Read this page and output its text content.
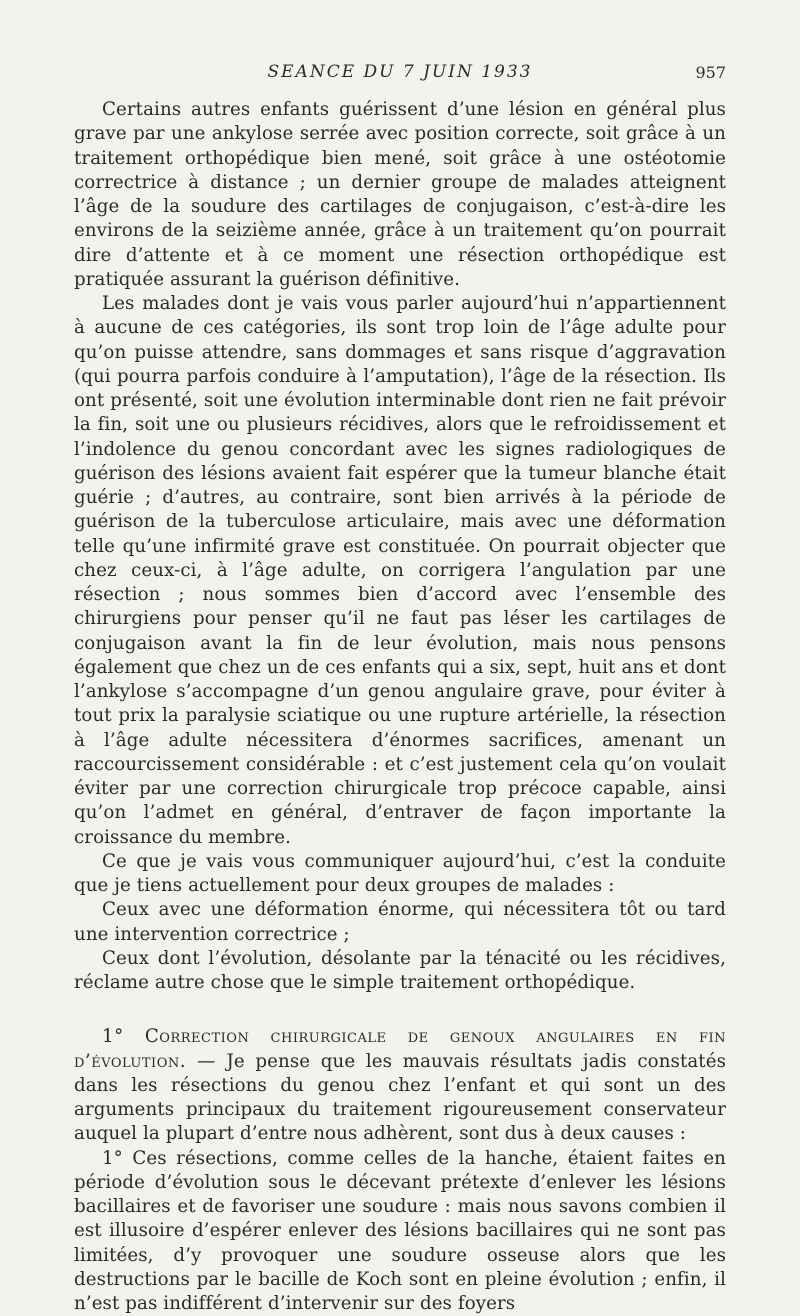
SEANCE DU 7 JUIN 1933	957

Certains autres enfants guérissent d’une lésion en général plus grave par une ankylose serrée avec position correcte, soit grâce à un traitement orthopédique bien mené, soit grâce à une ostéotomie correctrice à distance ; un dernier groupe de malades atteignent l’âge de la soudure des cartilages de conjugaison, c’est-à-dire les environs de la seizième année, grâce à un traitement qu’on pourrait dire d’attente et à ce moment une résection orthopédique est pratiquée assurant la guérison définitive.

Les malades dont je vais vous parler aujourd’hui n’appartiennent à aucune de ces catégories, ils sont trop loin de l’âge adulte pour qu’on puisse attendre, sans dommages et sans risque d’aggravation (qui pourra parfois conduire à l’amputation), l’âge de la résection. Ils ont présenté, soit une évolution interminable dont rien ne fait prévoir la fin, soit une ou plusieurs récidives, alors que le refroidissement et l’indolence du genou concordant avec les signes radiologiques de guérison des lésions avaient fait espérer que la tumeur blanche était guérie ; d’autres, au contraire, sont bien arrivés à la période de guérison de la tuberculose articulaire, mais avec une déformation telle qu’une infirmité grave est constituée. On pourrait objecter que chez ceux-ci, à l’âge adulte, on corrigera l’angulation par une résection ; nous sommes bien d’accord avec l’ensemble des chirurgiens pour penser qu’il ne faut pas léser les cartilages de conjugaison avant la fin de leur évolution, mais nous pensons également que chez un de ces enfants qui a six, sept, huit ans et dont l’ankylose s’accompagne d’un genou angulaire grave, pour éviter à tout prix la paralysie sciatique ou une rupture artérielle, la résection à l’âge adulte nécessitera d’énormes sacrifices, amenant un raccourcissement considérable : et c’est justement cela qu’on voulait éviter par une correction chirurgicale trop précoce capable, ainsi qu’on l’admet en général, d’entraver de façon importante la croissance du membre.

Ce que je vais vous communiquer aujourd’hui, c’est la conduite que je tiens actuellement pour deux groupes de malades :

Ceux avec une déformation énorme, qui nécessitera tôt ou tard une intervention correctrice ;

Ceux dont l’évolution, désolante par la ténacité ou les récidives, réclame autre chose que le simple traitement orthopédique.

1° Correction chirurgicale de genoux angulaires en fin d’évolution. — Je pense que les mauvais résultats jadis constatés dans les résections du genou chez l’enfant et qui sont un des arguments principaux du traitement rigoureusement conservateur auquel la plupart d’entre nous adhèrent, sont dus à deux causes :

1° Ces résections, comme celles de la hanche, étaient faites en période d’évolution sous le décevant prétexte d’enlever les lésions bacillaires et de favoriser une soudure : mais nous savons combien il est illusoire d’espérer enlever des lésions bacillaires qui ne sont pas limitées, d’y provoquer une soudure osseuse alors que les destructions par le bacille de Koch sont en pleine évolution ; enfin, il n’est pas indifférent d’intervenir sur des foyers
